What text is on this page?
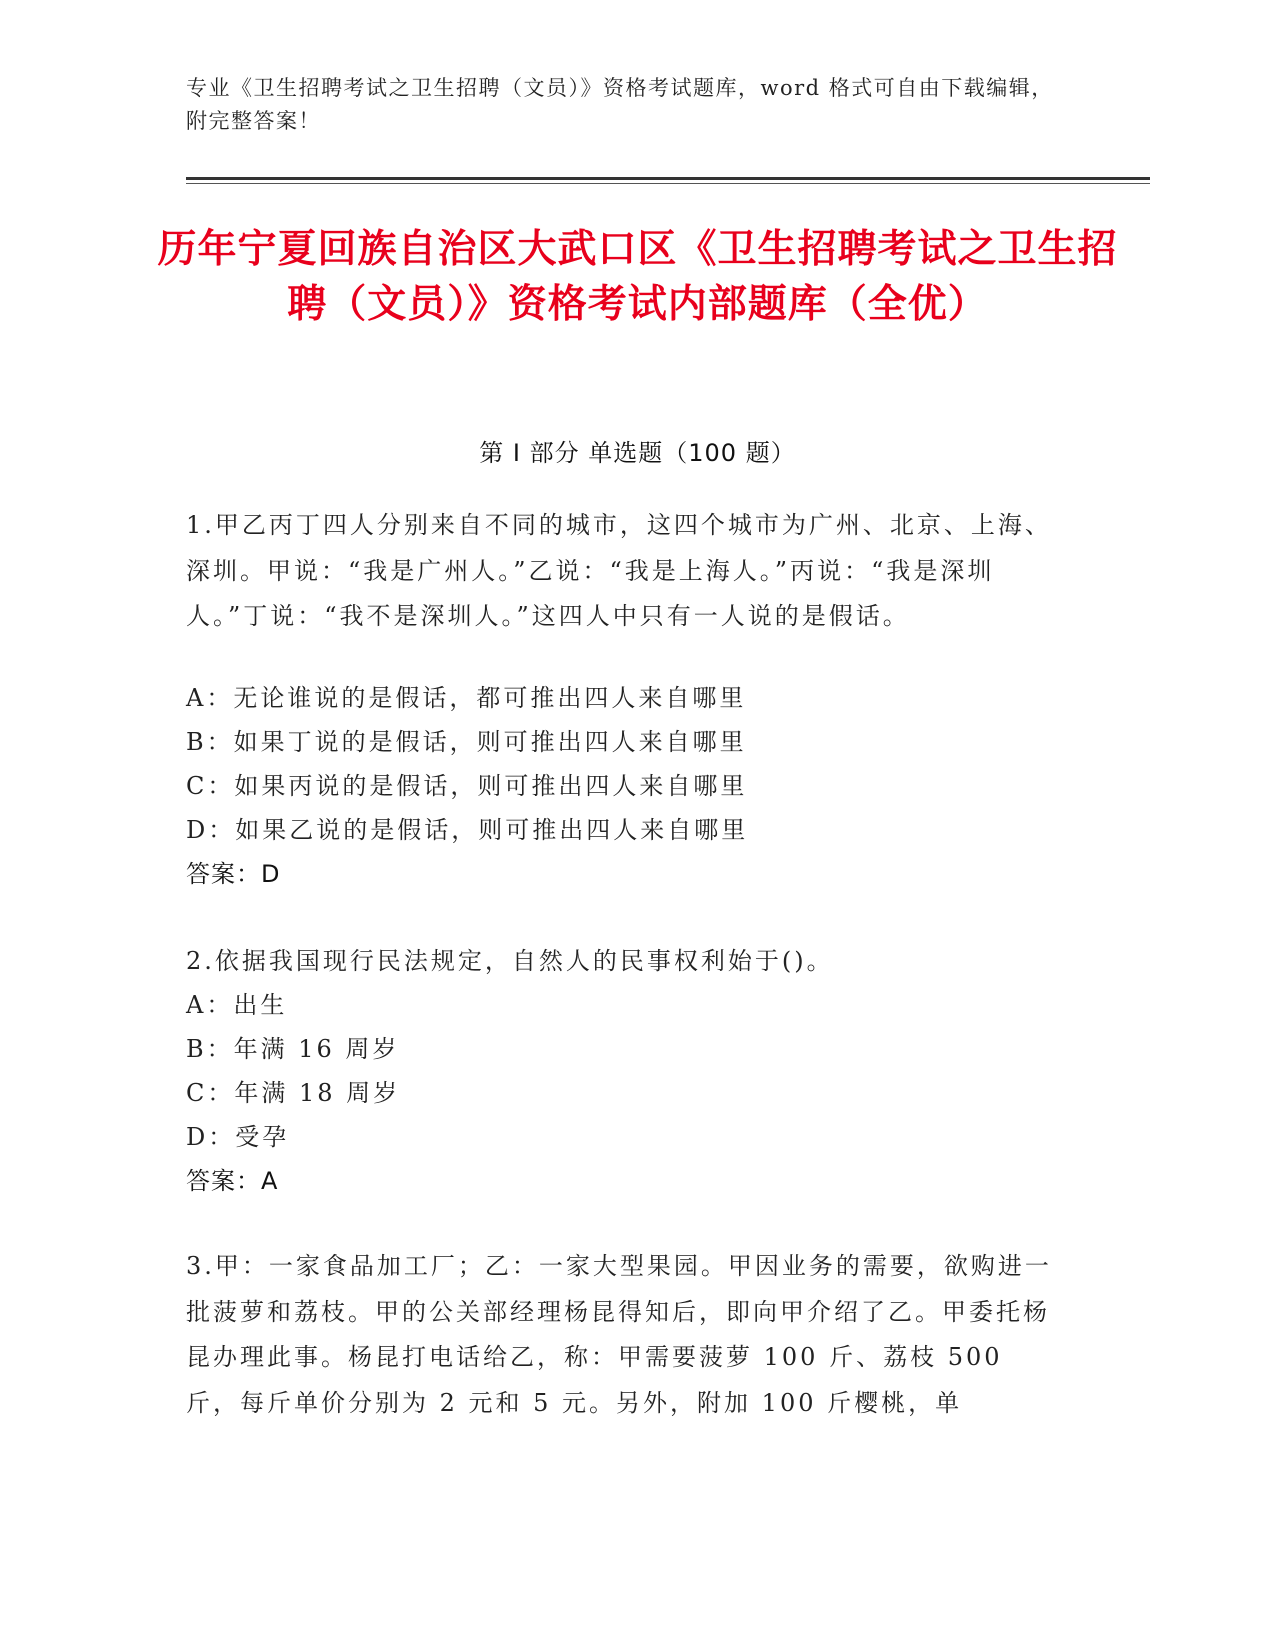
专业《卫生招聘考试之卫生招聘（文员）》资格考试题库，word 格式可自由下载编辑，附完整答案！
历年宁夏回族自治区大武口区《卫生招聘考试之卫生招聘（文员）》资格考试内部题库（全优）
第 I 部分 单选题（100 题）
1.甲乙丙丁四人分别来自不同的城市，这四个城市为广州、北京、上海、深圳。甲说：“我是广州人。”乙说：“我是上海人。”丙说：“我是深圳人。”丁说：“我不是深圳人。”这四人中只有一人说的是假话。
A：无论谁说的是假话，都可推出四人来自哪里
B：如果丁说的是假话，则可推出四人来自哪里
C：如果丙说的是假话，则可推出四人来自哪里
D：如果乙说的是假话，则可推出四人来自哪里
答案：D
2.依据我国现行民法规定，自然人的民事权利始于()。
A：出生
B：年满 16 周岁
C：年满 18 周岁
D：受孕
答案：A
3.甲：一家食品加工厂；乙：一家大型果园。甲因业务的需要，欲购进一批菠萝和荔枝。甲的公关部经理杨昆得知后，即向甲介绍了乙。甲委托杨昆办理此事。杨昆打电话给乙，称：甲需要菠萝 100 斤、荔枝 500 斤，每斤单价分别为 2 元和 5 元。另外，附加 100 斤樱桃，单
